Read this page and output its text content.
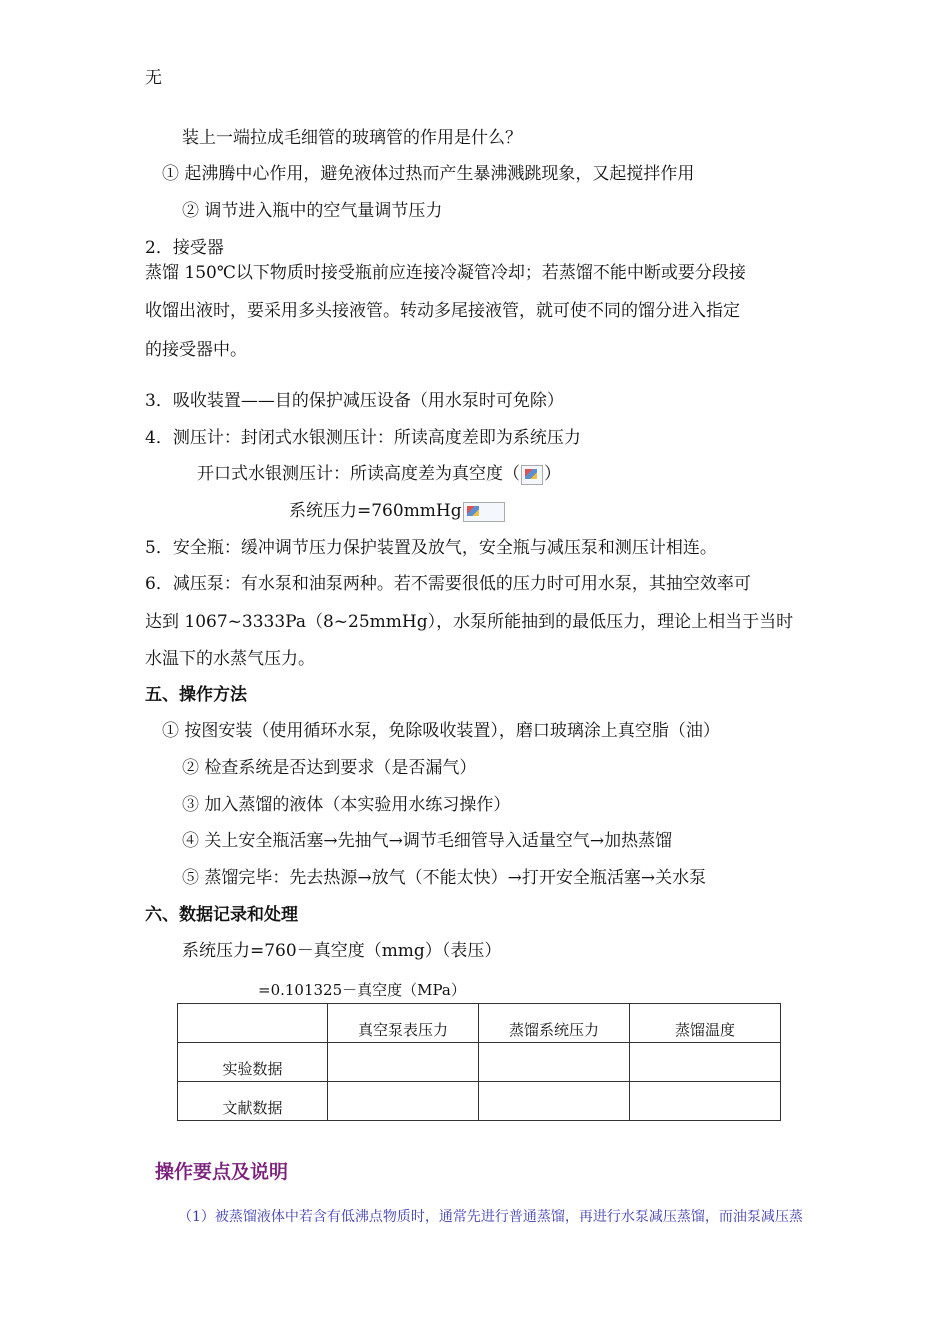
无
装上一端拉成毛细管的玻璃管的作用是什么？
① 起沸腾中心作用，避免液体过热而产生暴沸溅跳现象，又起搅拌作用
② 调节进入瓶中的空气量调节压力
2．接受器
蒸馏 150℃以下物质时接受瓶前应连接冷凝管冷却；若蒸馏不能中断或要分段接
收馏出液时，要采用多头接液管。转动多尾接液管，就可使不同的馏分进入指定
的接受器中。
3．吸收装置——目的保护减压设备（用水泵时可免除）
4．测压计：封闭式水银测压计：所读高度差即为系统压力
开口式水银测压计：所读高度差为真空度（ ）
系统压力=760mmHg
5．安全瓶：缓冲调节压力保护装置及放气，安全瓶与减压泵和测压计相连。
6．减压泵：有水泵和油泵两种。若不需要很低的压力时可用水泵，其抽空效率可
达到 1067~3333Pa（8~25mmHg），水泵所能抽到的最低压力，理论上相当于当时
水温下的水蒸气压力。
五、操作方法
① 按图安装（使用循环水泵，免除吸收装置），磨口玻璃涂上真空脂（油）
② 检查系统是否达到要求（是否漏气）
③ 加入蒸馏的液体（本实验用水练习操作）
④ 关上安全瓶活塞→先抽气→调节毛细管导入适量空气→加热蒸馏
⑤ 蒸馏完毕：先去热源→放气（不能太快）→打开安全瓶活塞→关水泵
六、数据记录和处理
系统压力=760－真空度（mmg）（表压）
=0.101325－真空度（MPa）
	真空泵表压力	蒸馏系统压力	蒸馏温度
实验数据			
文献数据			
操作要点及说明
（1）被蒸馏液体中若含有低沸点物质时，通常先进行普通蒸馏，再进行水泵减压蒸馏，而油泵减压蒸
